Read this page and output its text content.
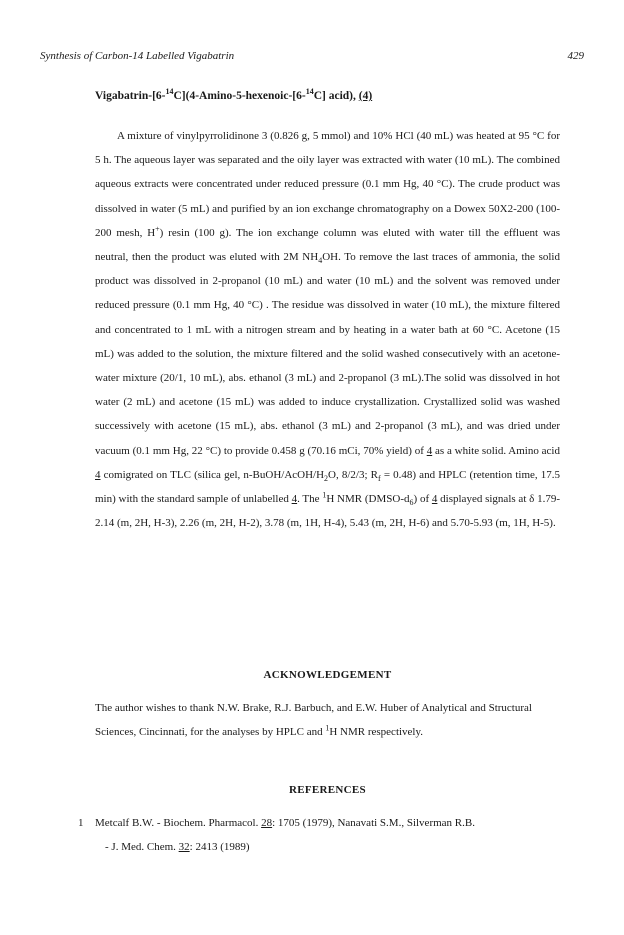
Synthesis of Carbon-14 Labelled Vigabatrin	429
Vigabatrin-[6-$^{14}$C](4-Amino-5-hexenoic-[6-$^{14}$C] acid), (4)

A mixture of vinylpyrrolidinone 3 (0.826 g, 5 mmol) and 10% HCl (40 mL) was heated at 95 °C for 5 h. The aqueous layer was separated and the oily layer was extracted with water (10 mL). The combined aqueous extracts were concentrated under reduced pressure (0.1 mm Hg, 40 °C). The crude product was dissolved in water (5 mL) and purified by an ion exchange chromatography on a Dowex 50X2-200 (100-200 mesh, H+) resin (100 g). The ion exchange column was eluted with water till the effluent was neutral, then the product was eluted with 2M $NH_4OH$. To remove the last traces of ammonia, the solid product was dissolved in 2-propanol (10 mL) and water (10 mL) and the solvent was removed under reduced pressure (0.1 mm Hg, 40 °C) . The residue was dissolved in water (10 mL), the mixture filtered and concentrated to 1 mL with a nitrogen stream and by heating in a water bath at 60 °C. Acetone (15 mL) was added to the solution, the mixture filtered and the solid washed consecutively with an acetone-water mixture (20/1, 10 mL), abs. ethanol (3 mL) and 2-propanol (3 mL).The solid was dissolved in hot water (2 mL) and acetone (15 mL) was added to induce crystallization. Crystallized solid was washed successively with acetone (15 mL), abs. ethanol (3 mL) and 2-propanol (3 mL), and was dried under vacuum (0.1 mm Hg, 22 °C) to provide 0.458 g (70.16 mCi, 70% yield) of 4 as a white solid. Amino acid 4 comigrated on TLC (silica gel, $n-BuOH/AcOH/H_2O$, 8/2/3; $R_f = 0.48$) and HPLC (retention time, 17.5 min) with the standard sample of unlabelled 4. The $^1$H NMR $(DMSO-d_6)$ of 4 displayed signals at δ 1.79-2.14 (m, 2H, H-3), 2.26 (m, 2H, H-2), 3.78 (m, 1H, H-4), 5.43 (m, 2H, H-6) and 5.70-5.93 (m, 1H, H-5).

ACKNOWLEDGEMENT
The author wishes to thank N.W. Brake, R.J. Barbuch, and E.W. Huber of Analytical and Structural Sciences, Cincinnati, for the analyses by HPLC and $^1$H NMR respectively.
REFERENCES
1 Metcalf B.W. - Biochem. Pharmacol. 28: 1705 (1979), Nanavati S.M., Silverman R.B.
- J. Med. Chem. 32: 2413 (1989)
